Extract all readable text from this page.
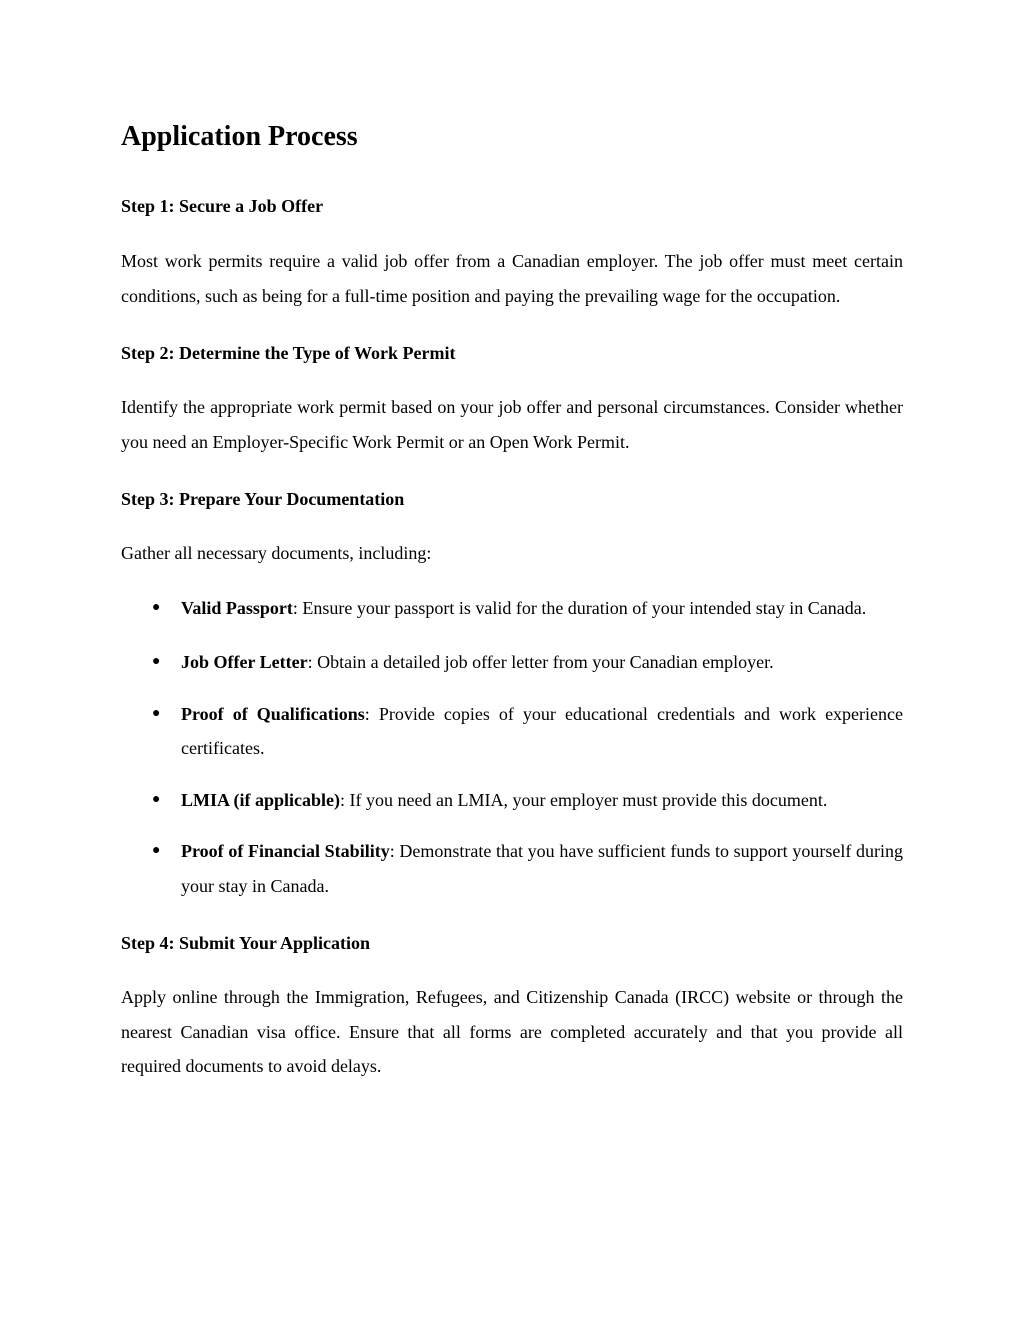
Application Process
Step 1: Secure a Job Offer

Most work permits require a valid job offer from a Canadian employer. The job offer must meet certain conditions, such as being for a full-time position and paying the prevailing wage for the occupation.

Step 2: Determine the Type of Work Permit

Identify the appropriate work permit based on your job offer and personal circumstances. Consider whether you need an Employer-Specific Work Permit or an Open Work Permit.

Step 3: Prepare Your Documentation

Gather all necessary documents, including:

● Valid Passport: Ensure your passport is valid for the duration of your intended stay in Canada.
● Job Offer Letter: Obtain a detailed job offer letter from your Canadian employer.
● Proof of Qualifications: Provide copies of your educational credentials and work experience certificates.
● LMIA (if applicable): If you need an LMIA, your employer must provide this document.
● Proof of Financial Stability: Demonstrate that you have sufficient funds to support yourself during your stay in Canada.
Step 4: Submit Your Application

Apply online through the Immigration, Refugees, and Citizenship Canada (IRCC) website or through the nearest Canadian visa office. Ensure that all forms are completed accurately and that you provide all required documents to avoid delays.
